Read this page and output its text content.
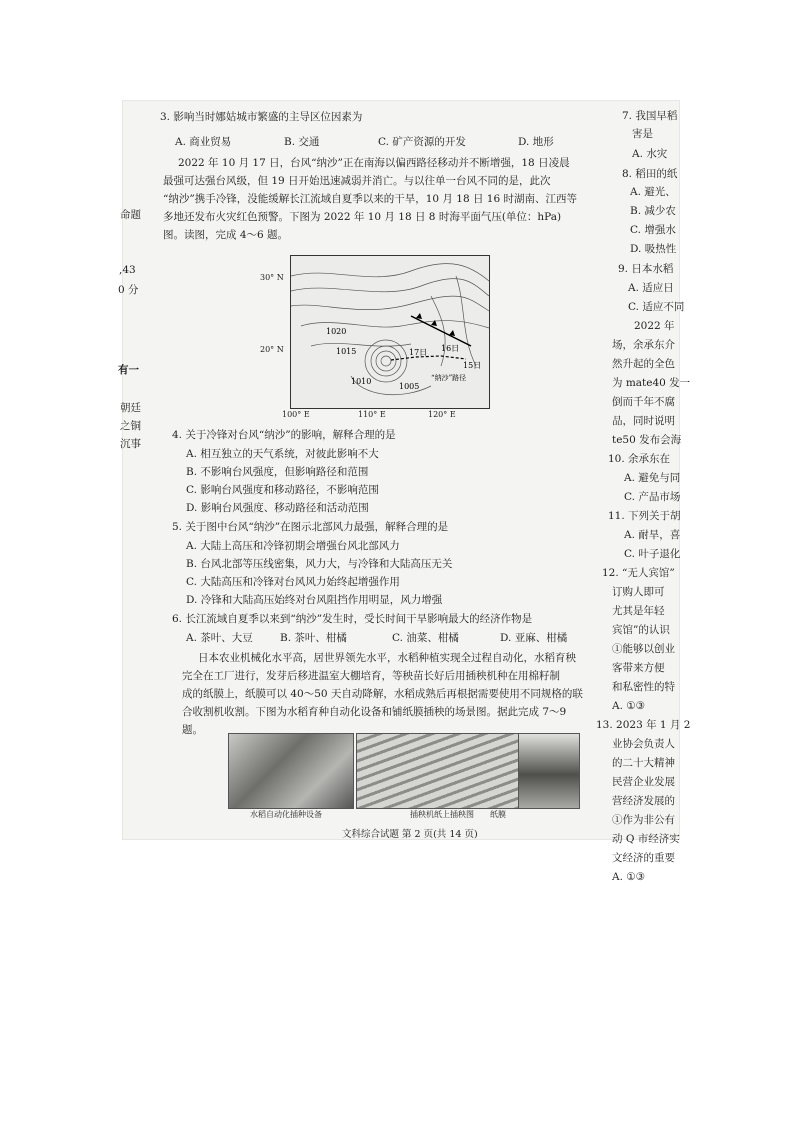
3. 影响当时娜姑城市繁盛的主导区位因素为
A. 商业贸易	B. 交通	C. 矿产资源的开发	D. 地形
2022 年 10 月 17 日，台风“纳沙”正在南海以偏西路径移动并不断增强，18 日凌晨
最强可达强台风级，但 19 日开始迅速减弱并消亡。与以往单一台风不同的是，此次
“纳沙”携手冷锋，没能缓解长江流域自夏季以来的干旱，10 月 18 日 16 时湖南、江西等
多地还发布火灾红色预警。下图为 2022 年 10 月 18 日 8 时海平面气压(单位：hPa)
图。读图，完成 4～6 题。
30° N
20° N
100° E	110° E	120° E
1020
1015
1010
1005
17日 16日
15日
“纳沙”路径
4. 关于冷锋对台风“纳沙”的影响，解释合理的是
A. 相互独立的天气系统，对彼此影响不大
B. 不影响台风强度，但影响路径和范围
C. 影响台风强度和移动路径，不影响范围
D. 影响台风强度、移动路径和活动范围
5. 关于图中台风“纳沙”在图示北部风力最强，解释合理的是
A. 大陆上高压和冷锋初期会增强台风北部风力
B. 台风北部等压线密集，风力大，与冷锋和大陆高压无关
C. 大陆高压和冷锋对台风风力始终起增强作用
D. 冷锋和大陆高压始终对台风阻挡作用明显，风力增强
6. 长江流域自夏季以来到“纳沙”发生时，受长时间干旱影响最大的经济作物是
A. 茶叶、大豆	B. 茶叶、柑橘	C. 油菜、柑橘	D. 亚麻、柑橘
日本农业机械化水平高，居世界领先水平，水稻种植实现全过程自动化，水稻育秧
完全在工厂进行，发芽后移进温室大棚培育，等秧苗长好后用插秧机种在用棉籽制
成的纸膜上，纸膜可以 40～50 天自动降解，水稻成熟后再根据需要使用不同规格的联
合收割机收割。下图为水稻育种自动化设备和铺纸膜插秧的场景图。据此完成 7～9
题。
水稻自动化插种设备	插秧机纸上插秧图 纸膜
文科综合试题 第 2 页(共 14 页)
命题
,43
0 分
有一
朝廷
之铜
沉事
7. 我国早稻
害是
A. 水灾
8. 稻田的纸
A. 避光、
B. 减少农
C. 增强水
D. 吸热性
9. 日本水稻
A. 适应日
C. 适应不同
2022 年
场，余承东介
然升起的全色
为 mate40 发一
倒而千年不腐
品，同时说明
te50 发布会海
10. 余承东在
A. 避免与同
C. 产品市场
11. 下列关于胡
A. 耐旱，喜
C. 叶子退化
12. “无人宾馆”
订购人即可
尤其是年轻
宾馆”的认识
①能够以创业
客带来方便
和私密性的特
A. ①③
13. 2023 年 1 月 2
业协会负责人
的二十大精神
民营企业发展
营经济发展的
①作为非公有
动 Q 市经济实
文经济的重要
A. ①③
